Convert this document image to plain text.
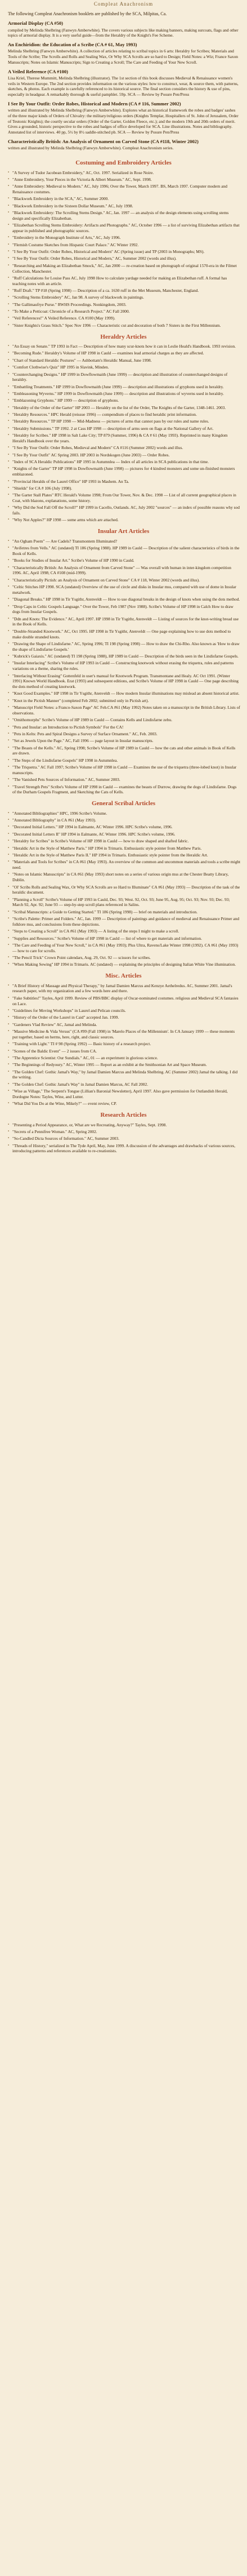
Compleat Anachronism
The following Compleat Anachronism booklets are published by the SCA, Milpitas, Ca.
Armorial Display (CA #50)

compiled by Melinda Shelbring (Fanwyn Amberwhite). The covers various subjects like making banners, making surcoats, flags and other topics of armorial display. It is a very useful guide—from the Heraldry of the Knight's Fee Scheme.

An Enchiridion: the Education of a Scribe (CA # 61, May 1993)

Melinda Shelbring (Fanwyn Amberwhite). A collection of articles relating to scribal topics in 6 arts: Heraldry for Scribes; Materials and Tools of the Scribe; The Scrolls and Rolls and Sealing Wax, Or Why SCA Scrolls are so hard to Design; Field Notes: a Wiz; France Saxon Manuscripts; Notes on Islamic Manuscripts; Sign to Creating a Scroll; The Care and Feeding of Your New Scroll.

A Veiled Reference (CA #100)

Lisa Kriel, Therese Mummitt, Melinda Shelbring (illustrator). The 1st section of this book discusses Medieval & Renaissance women's veils in Western Europe. The 2nd section provides information on the various styles: how to construct, wear, & source them, with patterns, sketches, & photos. Each example is carefully referenced to its historical source. The final section considers the history & use of pins, especially in headgear. A remarkably thorough & useful pamphlet. 59p. SCA — Review by Posure Pen/Press

I See By Your Outfit: Order Robes, Historical and Modern (CA # 116, Summer 2002)

written and illustrated by Melinda Shelbring (Fanwyn Amberwhite). Explores what an historical framework the robes and badges' sashes of the three major kinds of Orders of Chivalry: the military/religious orders (Knights Templar, Hospitallers of St. John of Jerusalem, Order of Teutonic Knights); the courtly secular orders (Order of the Garter, Golden Fleece, etc.); and the modern 19th and 20th orders of merit. Gives a grounded, historic perspective to the robes and badges of office developed for SCA. Line illustrations. Notes and bibliography. Annotated list of interviews. 40 pp, 5½ by 8½ saddle-stitched pb. SCA — Review by Posure Pen/Press

Characteristically British: An Analysis of Ornament on Carved Stone (CA #118, Winter 2002)

written and illustrated by Melinda Shelbring (Fanwyn Amberwhite). Compleat Anachronism series.

Costuming and Embroidery Articles
▪ "A Survey of Tudor Jacobean Embroidery," AC, Oct. 1997. Serialized in Rose Noire.
▪ "Anne Embroidery, Your Pieces in the Victoria & Albert Museum." AC, Sept. 1998.
▪ "Anne Embroidery: Medieval to Modern." AC, July 1996; Over the Tower, March 1997. BS, March 1997. Computer modern and Renaissance costumes.
▪ "Blackwork Embroidery in the SCA," AC, Summer 2000.
▪ "Blackwork Embroidery in the Sixteen Dollar Museum." AC, July 1998.
▪ "Blackwork Embroidery: The Scrolling Stems Design." AC, Jan. 1997 — an analysis of the design elements using scrolling stems design and specifically Elizabethan.
▪ "Elizabethan Scrolling Stems Embroidery: Artifacts and Photographs." AC, October 1996 — a list of surviving Elizabethan artifacts that appear in published and photographic sources.
▪ "Embroidery in the Monograph Institute of Arts," AC, July 1996.
▪ "Flemish Costume Sketches from Hispanic Court Palace." AC Winter 1992.
▪ "I See By Your Outfit: Order Robes, Historical and Modern" AC (Spring issue) and TP (2003 in Monographs; MS).
▪ "I See By Your Outfit: Order Robes, Historical and Modern," AC, Summer 2002 (words and illus).
▪ "Researching and Making an Elizabethan Smock," AC, Jan 2000 — re-creation based on photograph of original 1570-era in the Filmet Collection, Manchester.
▪ "Ruff Calculations for Louise Pass AC, July 1998 How to calculate yardage needed for making an Elizabethan ruff. A formal has teaching notes with an article.
▪ "Ruff Draft." TP #18 (Spring 1998) — Description of a ca. 1630 ruff in the Met Museum, Manchester, England.
▪ "Scrolling Stems Embroidery" AC, Jan 98. A survey of blackwork in paintings.
▪ "The Gallimaufrye Purse." RWHS Proceedings. Nonkingdom, 2003.
▪ "To Make a Petticoat: Chronicle of a Research Project." AC Fall 2000.
▪ "Veil References!" A Veiled Reference. CA #100 (May 1999).
▪ "Sister Knights's Grass Stitch." Spec Nov 1996 — Characteristic cut and decoration of both 7 Sisters in the First Millennium.
Heraldry Articles
▪ "An Essay on Senate." TP 1993 in Fact — Description of how many scur-knots how it can in Leslie Heald's Handbook. 1993 revision.
▪ "Becoming Rude." Heraldry's Volume of HP 1998 in Cauld — examines lead armorial charges as they are affected.
▪ "Chart of Standard Heraldic Postures" — Ashbottam's Heraldic Manual, June 1998.
▪ "Comfort Clothwise's Quiz" HP 1995 in Slavink, Minden.
▪ "Counterchanging Designs." HP 1999 in Dowflowmaith (June 1999) — description and illustration of counterchanged designs of heraldry.
▪ "Embattling Treatments." HP 1999 in Dowflowmaith (June 1999) — description and illustrations of gryphons used in heraldry.
▪ "Embleasoning Wyverns." HP 1999 in Dowflowmaith (June 1999) — description and illustrations of wyverns used in heraldry.
▪ "Emblazoning Gryphons." HP 1999 — description of gryphons.
▪ "Heraldry of the Order of the Garter" HP 2003 — Heraldry on the list of the Order, The Knights of the Garter, 1348-1461. 2003.
▪ "Heraldry Resources." HPC Herald (reissue 1996) — compendium of places to find heraldic print information.
▪ "Heraldry Resources." TP HP 1998 — Mid-Madness — pictures of arms that cannot pass by our rules and name rules.
▪ "Heraldry Submissions." TP 1992. 2 at Cass HP 1998 — description of arms seen on flags at the National Gallery of Art.
▪ "Heraldry for Scribes." HP 1998 in Salt Lake City; TP 879 (Summer, 1996) & CA # 61 (May 1993). Reprinted in many Kingdom Herald's Handbook over the years.
▪ "I See By Your Outfit: Order Robes, Medieval and Modern" CA #116 (Summer 2002) words and illus.
▪ "I See By Your Outfit" AC Spring 2003. HP 2003 in Nordskogen (June 2003) — Order Robes.
▪ "Index of SCA Heraldic Publications" HP 1995 in Autumnlea — Index of all articles in SCA publications in that time.
▪ "Knights of the Garter" TP HP 1998 in Dowflowmaith (June 1998) — pictures for 4 kindred monsters and some un-finished monsters emblazoned.
▪ "Provincial Heralds of the Laurel Office" HP 1993 in Mashem. An Ta.
▪ "Shields" for CA # 106 (July 1998).
▪ "The Garter Stall Plates" RTC Herald's Volume 1998; From Our Tower, Nov. & Dec. 1998 — List of all current geographical places in Coat, with blazons, explanations, some history.
▪ "Why Did the Sod Fall Off the Scroll?" HP 1999 in Cacello, Outlands. AC, July 2002 "sources" — an index of possible reasons why sod fails.
▪ "Why Not Apples?" HP 1998 — some arms which are attached.
Insular Art Articles
▪ "An Ogham Poem" — Are Cadels? Transmontem Illuminated?
▪ "Avifetres from Vells." AC (undated) TI 186 (Spring 1988). HP 1989 in Cauld — Description of the salient characteristics of birds in the Book of Kells.
▪ "Books for Studies of Insular Art." Scribe's Volume of HP 1990 in Cauld.
▪ "Characteristically British: An Analysis of Ornament from Carved Stone" — Was overall with human in inter-kingdom competition 1996. AC, April 1998; CA #108 (mid-1999).
▪ "Characteristically Pictish: an Analysis of Ornament on Carved Stone" CA # 118, Winter 2002 (words and illus).
▪ "Celtic Stitches HP 1998. SCA (undated) Overview of the use of circle and disks in Insular mss, compared with use of dome in Insular metalwork.
▪ "Diagonal Breaks." HP 1998 in Tir Ysgithr, Atenveldt — How to use diagonal breaks in the design of knots when using the dots method.
▪ "Drop Caps in Celtic Gospels Language." Over the Tower, Feb 1987 (Nov 1988). Scribe's Volume of HP 1998 in Calch How to draw dogs from Insular Gospels.
▪ "Ddn and Knots: The Evidence." AC, April 1997. HP 1998 in Tir Ysgithr, Atenveldt — Listing of sources for the knot-writing bread use in the Book of Kells.
▪ "Double-Stranded Knotwork." AC, Oct 1995. HP 1998 in Tir Ysgithr, Atenveldt — One page explaining how to use dots method to make double stranded knots.
▪ "Drawing the Shape of Lindisfarne." AC, Spring 1996; TI 198 (Spring 1998) — How to draw the Chi-Rho. Also known as 'How to draw the shape of Lindisfarne Gospels.'
▪ "Kubrick's Gaiaxis." AC (undated) TI 198 (Spring 1988), HP 1989 in Cauld — Description of the birds seen in the Lindisfarne Gospels.
▪ "Insular Interlacing" Scribe's Volume of HP 1993 in Cauld — Constructing knotwork without erasing the triquetra, rules and patterns variations on a theme, sharing the rules.
▪ "Interlacing Without Erasing" Gottenfeld in user's manual for Knotwork Program. Transmontane and Healy. AC Oct 1991. (Winter 1991) Known World Handbook. Erat (1993) and subsequent editions, and Scribe's Volume of HP 1998 in Cauld — One page describing the dots method of creating knotwork.
▪ "Knot Good Examples." HP 1998 in Tir Ysgithr, Atenveldt — How modern Insular illuminations may mislead an absent historical artist.
▪ "Knot in the Pictish Manner" (completed Feb 2002; submitted only in Pictish art).
▪ "Manuscript Field Notes: a Franco-Saxon Page" AC Feb.CA #61 (May 1992) Notes taken on a manuscript in the British Library. Lists of observations.
▪ "Omithomorphs" Scribe's Volume of HP 1989 in Cauld — Contains Kells and Lindisfarne zebu.
▪ "Pets and Insular: an Introduction to Pictish Symbols" For the CA!
▪ "Pets in Kelts: Pets and Spiral Designs a Survey of Surface Ornament." AC, Feb. 2003.
▪ "Set as Jewels Upon the Page." AC, Fall 1996 — page layout in Insular manuscripts.
▪ "The Beasts of the Kells." AC, Spring 1998; Scribe's Volume of HP 1989 in Cauld — how the cats and other animals in Book of Kells are drawn.
▪ "The Steps of the Lindisfarne Gospels" HP 1998 in Autumnlea.
▪ "The Triquetra." AC Fall 1997; Scribe's Volume of HP 1998 in Cauld — Examines the use of the triquetra (three-lobed knot) in Insular manuscripts.
▪ "The Vanished Pets Sources of Information." AC, Summer 2003.
▪ "Travel Strength Pets" Scribe's Volume of HP 1998 in Cauld — examines the beasts of Durrow, drawing the dogs of Lindisfarne. Dogs of the Durham Gospels Fragment, and Sketching the Cats of Kells.
General Scribal Articles
▪ "Annotated Bibliographies" HPC, 1996 Scribe's Volume.
▪ "Annotated Bibliography" in CA #61 (May 1993).
▪ "Decorated Initial Letters." HP 1994 in Ealmante, AC Winter 1996. HPC Scribe's volume, 1996.
▪ "Decorated Initial Letters II" HP 1994 in Ealmante, AC Winter 1996. HPC Scribe's volume, 1996.
▪ "Heraldry for Scribes" in Scribe's Volume of HP 1998 in Cauld — how to draw shaped and shafted fabric.
▪ "Heraldic Art in the Style of Matthew Paris." HP 1994 in Trimaris. Enthusiastic style pointer from Matthew Paris.
▪ "Heraldic Art in the Style of Matthew Paris II." HP 1994 in Trimaris. Enthusiastic style pointer from the Heraldic Art.
▪ "Materials and Tools for Scribes" in CA #61 (May 1993). An overview of the common and uncommon materials and tools a scribe might need.
▪ "Notes on Islamic Manuscripts" in CA #61 (May 1993) short notes on a series of various origin mss at the Chester Beatty Library, Dublin.
▪ "Ol' Scribs Rolls and Sealing Wax, Or Why SCA Scrolls are so Hard to Illuminate" CA #61 (May 1993) — Description of the task of the heraldic document.
▪ "Planning a Scroll" Scribe's Volume of HP 1993 in Cauld, Dec. 93; West. 92, Oct. 93; June 95, Aug. 95; Oct. 93; Nov. 93; Dec. 93; March 92, Apr. 92; June 93 — step-by-step scroll plans referenced in Salins.
▪ "Scribal Manuscripts: a Guide to Getting Started." TI 186 (Spring 1998) — brief on materials and introduction.
▪ "Scribe's Palette: Primer and Folders." AC, Jan. 1999 — Description of paintings and guidance of medieval and Renaissance Primer and folklore mss, and conclusions from these depictions.
▪ "Steps to Creating a Scroll" in CA #61 (May 1993) — A listing of the steps I might to make a scroll.
▪ "Supplies and Resources." Scribe's Volume of HP 1998 in Cauld — list of where to get materials and information.
▪ "The Care and Feeding of Your New Scroll," in CA #61 (May 1993); Plus Ultra, Ravens/Lake Winter 1998 (1992). CA #61 (May 1993) — how to care for scrolls.
▪ "The Pencil Trick" Crown Point calendars, Aug. 29, Oct. 92 — scissors for scribes.
▪ "When Making Sewing" HP 1994 in Trimaris. AC (undated) — explaining the principles of designing Italian White Vine illumination.
Misc. Articles
▪ "A Brief History of Massage and Physical Therapy," by Jamal Damien Marcus and Kenzye Aethelredus. AC, Summer 2001. Jamal's research paper, with my organization and a few words here and there.
▪ "Fake Subtitles!" Tayles, April 1999. Review of PBS/BBC display of Oscar-nominated costumes. religious and Medieval SCA fantasies on Lace.
▪ "Guidelines for Moving Workshops" in Laurel and Pelican councils.
▪ "History of the Order of the Laurel in Caid" accepted Jan. 1999.
▪ "Gardeners Vlad Review" AC, Jamal and Melinda.
▪ "Massive Medicine & Vida Versus" (CA #99 (Fall 1998) in 'Marelo Places of the Millennium'. In CA January 1999 — these moments put together, based on herms, here, right, and classic sources.
▪ "Training with Light." TI # 98 (Spring 1992) — Basic history of a research project.
▪ "Scenes of the Baldic Event" — 2 issues from CA.
▪ "The Apprentice Scientist: Our Sundials." AC, 01 — an experiment in glorious science.
▪ "The Beginnings of Redyoury." AC, Winter 1995 — Report as an exhibit at the Smithsonian Art and Space Museum.
▪ "The Golden Chef: Gothic Jamal's Way," by Jamal Damien Marcus and Melinda Shelbring. AC (Summer 2002) Jamal the talking. I did the writing.
▪ "The Golden Chef: Gothic Jamal's Way" in Jamal Damien Marcus, AC Fall 2002.
▪ "Wise as Village," The Serpent's Tongue (Lillian's Baronial Newsletter), April 1997. Also gave permission for Outlandish Herald, Dordogne Notes: Tayles, Wine, and Lutter.
▪ "What Did You Do at the Wine, Mikely?" — event review, CP.
Research Articles
▪ "Presenting a Period Appearance, or, What are we Recreating, Anyway?" Tayles, Sept. 1998.
▪ "Secrets of a Pennifree Woman." AC, Spring 2002.
▪ "So-Candled Dicta Sources of Information." AC, Summer 2003.
▪ "Threads of History," serialized in The Tyde April, May, June 1999. A discussion of the advantages and drawbacks of various sources, introducing patterns and references available to re-creationists.
